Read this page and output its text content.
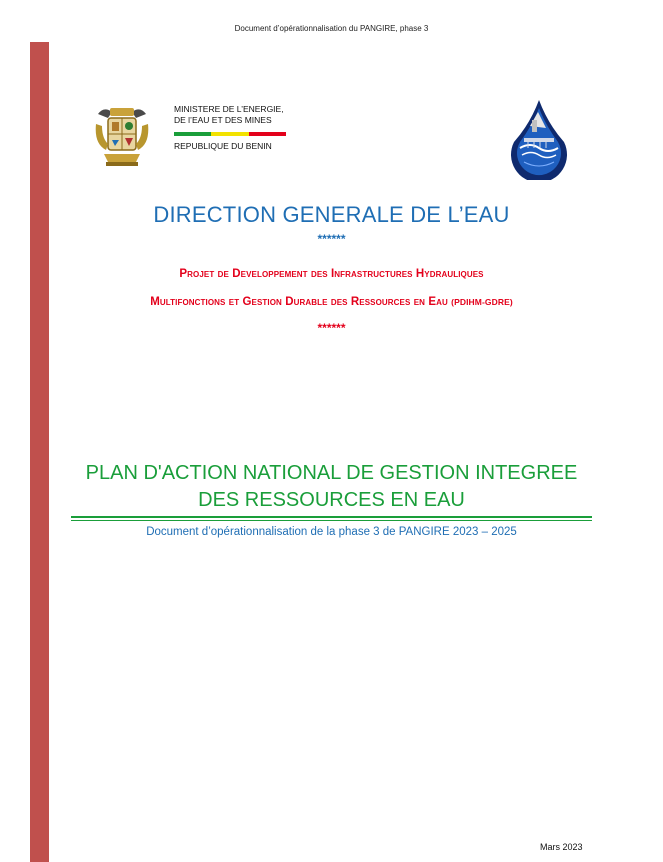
Document d’opérationnalisation du PANGIRE, phase 3
MINISTERE DE L’ENERGIE,
DE l’EAU ET DES MINES
REPUBLIQUE DU BENIN
DIRECTION GENERALE DE L’EAU
******
Projet de Developpement des Infrastructures Hydrauliques
Multifonctions et Gestion Durable des Ressources en Eau (PDIHM-GDRE)
******
PLAN D'ACTION NATIONAL DE GESTION INTEGREE
DES RESSOURCES EN EAU
Document d’opérationnalisation de la phase 3 de PANGIRE 2023 – 2025
Mars 2023
